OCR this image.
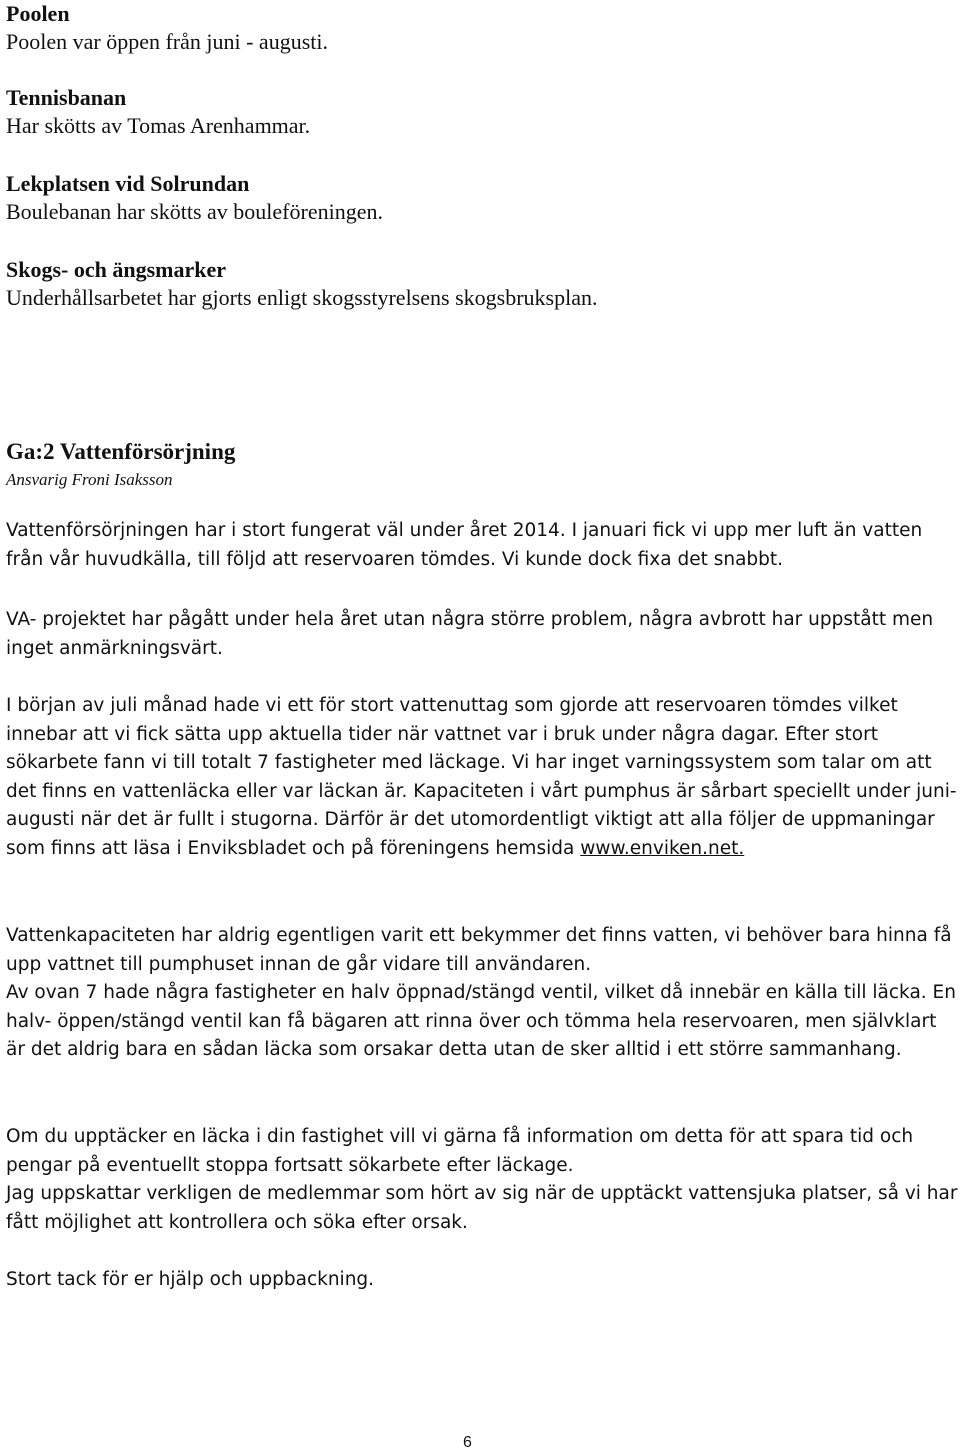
Poolen
Poolen var öppen från juni - augusti.
Tennisbanan
Har skötts av Tomas Arenhammar.
Lekplatsen vid Solrundan
Boulebanan har skötts av bouleföreningen.
Skogs- och ängsmarker
Underhållsarbetet har gjorts enligt skogsstyrelsens skogsbruksplan.
Ga:2 Vattenförsörjning
Ansvarig Froni Isaksson

Vattenförsörjningen har i stort fungerat väl under året 2014. I januari fick vi upp mer luft än vatten från vår huvudkälla, till följd att reservoaren tömdes. Vi kunde dock fixa det snabbt.

VA- projektet har pågått under hela året utan några större problem, några avbrott har uppstått men inget anmärkningsvärt.

I början av juli månad hade vi ett för stort vattenuttag som gjorde att reservoaren tömdes vilket innebar att vi fick sätta upp aktuella tider när vattnet var i bruk under några dagar. Efter stort sökarbete fann vi till totalt 7 fastigheter med läckage. Vi har inget varningssystem som talar om att det finns en vattenläcka eller var läckan är. Kapaciteten i vårt pumphus är sårbart speciellt under juni-augusti när det är fullt i stugorna. Därför är det utomordentligt viktigt att alla följer de uppmaningar som finns att läsa i Enviksbladet och på föreningens hemsida www.enviken.net.

Vattenkapaciteten har aldrig egentligen varit ett bekymmer det finns vatten, vi behöver bara hinna få upp vattnet till pumphuset innan de går vidare till användaren.
Av ovan 7 hade några fastigheter en halv öppnad/stängd ventil, vilket då innebär en källa till läcka. En halv- öppen/stängd ventil kan få bägaren att rinna över och tömma hela reservoaren, men självklart är det aldrig bara en sådan läcka som orsakar detta utan de sker alltid i ett större sammanhang.
Om du upptäcker en läcka i din fastighet vill vi gärna få information om detta för att spara tid och pengar på eventuellt stoppa fortsatt sökarbete efter läckage.
Jag uppskattar verkligen de medlemmar som hört av sig när de upptäckt vattensjuka platser, så vi har fått möjlighet att kontrollera och söka efter orsak.

Stort tack för er hjälp och uppbackning.

6
